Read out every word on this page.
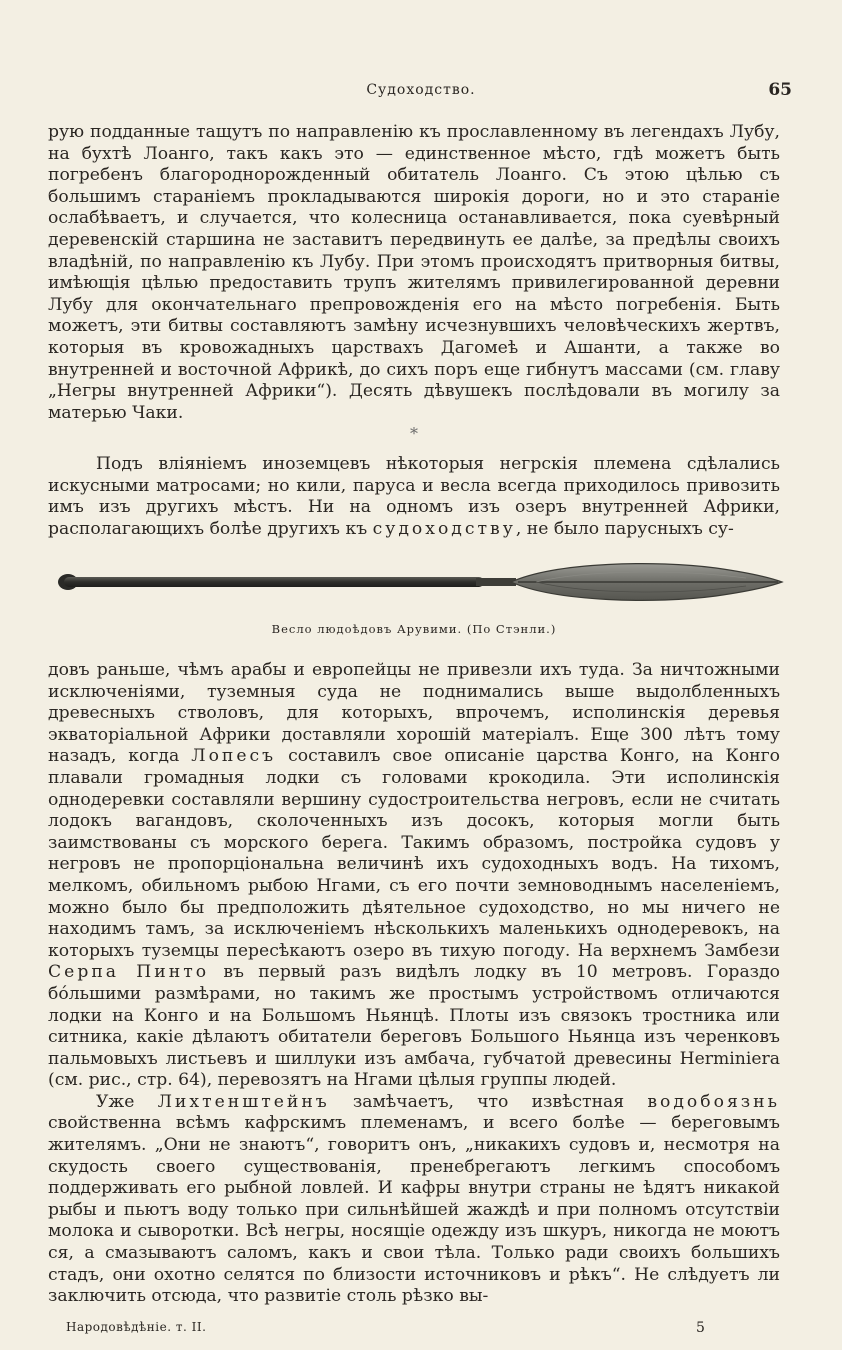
Судоходство.	65

рую подданные тащутъ по направленію къ прославленному въ легендахъ Лубу, на бухтѣ Лоанго, такъ какъ это — единственное мѣсто, гдѣ можетъ быть погребенъ благороднорожденный обитатель Лоанго. Съ этою цѣлью съ большимъ стараніемъ прокладываются широкія дороги, но и это стараніе ослабѣваетъ, и случается, что колесница останавливается, пока суевѣрный деревенскій старшина не заставитъ передвинуть ее далѣе, за предѣлы своихъ владѣній, по направленію къ Лубу. При этомъ происходятъ притворныя битвы, имѣющія цѣлью предоставить трупъ жителямъ привилегированной деревни Лубу для окончательнаго препровожденія его на мѣсто погребенія. Быть можетъ, эти битвы составляютъ замѣну исчезнувшихъ человѣческихъ жертвъ, которыя въ кровожадныхъ царствахъ Дагомеѣ и Ашанти, а также во внутренней и восточной Африкѣ, до сихъ поръ еще гибнутъ массами (см. главу „Негры внутренней Африки“). Десять дѣвушекъ послѣдовали въ могилу за матерью Чаки.

*

Подъ вліяніемъ иноземцевъ нѣкоторыя негрскія племена сдѣлались искусными матросами; но кили, паруса и весла всегда приходилось привозить имъ изъ другихъ мѣстъ. Ни на одномъ изъ озеръ внутренней Африки, располагающихъ болѣе другихъ къ судоходству, не было парусныхъ су-

Весло людоѣдовъ Арувими. (По Стэнли.)

довъ раньше, чѣмъ арабы и европейцы не привезли ихъ туда. За ничтожными исключеніями, туземныя суда не поднимались выше выдолбленныхъ древесныхъ стволовъ, для которыхъ, впрочемъ, исполинскія деревья экваторіальной Африки доставляли хорошій матеріалъ. Еще 300 лѣтъ тому назадъ, когда Лопесъ составилъ свое описаніе царства Конго, на Конго плавали громадныя лодки съ головами крокодила. Эти исполинскія однодеревки составляли вершину судостроительства негровъ, если не считать лодокъ вагандовъ, сколоченныхъ изъ досокъ, которыя могли быть заимствованы съ морского берега. Такимъ образомъ, постройка судовъ у негровъ не пропорціональна величинѣ ихъ судоходныхъ водъ. На тихомъ, мелкомъ, обильномъ рыбою Нгами, съ его почти земноводнымъ населеніемъ, можно было бы предположить дѣятельное судоходство, но мы ничего не находимъ тамъ, за исключеніемъ нѣсколькихъ маленькихъ однодеревокъ, на которыхъ туземцы пересѣкаютъ озеро въ тихую погоду. На верхнемъ Замбези Серпа Пинто въ первый разъ видѣлъ лодку въ 10 метровъ. Гораздо бóльшими размѣрами, но такимъ же простымъ устройствомъ отличаются лодки на Конго и на Большомъ Ньянцѣ. Плоты изъ связокъ тростника или ситника, какіе дѣлаютъ обитатели береговъ Большого Ньянца изъ черенковъ пальмовыхъ листьевъ и шиллуки изъ амбача, губчатой древесины Herminiera (см. рис., стр. 64), перевозятъ на Нгами цѣлыя группы людей.

Уже Лихтенштейнъ замѣчаетъ, что извѣстная водобоязнь свойственна всѣмъ кафрскимъ племенамъ, и всего болѣе — береговымъ жителямъ. „Они не знаютъ“, говоритъ онъ, „никакихъ судовъ и, несмотря на скудость своего существованія, пренебрегаютъ легкимъ способомъ поддерживать его рыбной ловлей. И кафры внутри страны не ѣдятъ никакой рыбы и пьютъ воду только при сильнѣйшей жаждѣ и при полномъ отсутствіи молока и сыворотки. Всѣ негры, носящіе одежду изъ шкуръ, никогда не моютъ ся, а смазываютъ саломъ, какъ и свои тѣла. Только ради своихъ большихъ стадъ, они охотно селятся по близости источниковъ и рѣкъ“. Не слѣдуетъ ли заключить отсюда, что развитіе столь рѣзко вы-

Народовѣдѣніе. т. II.	5
